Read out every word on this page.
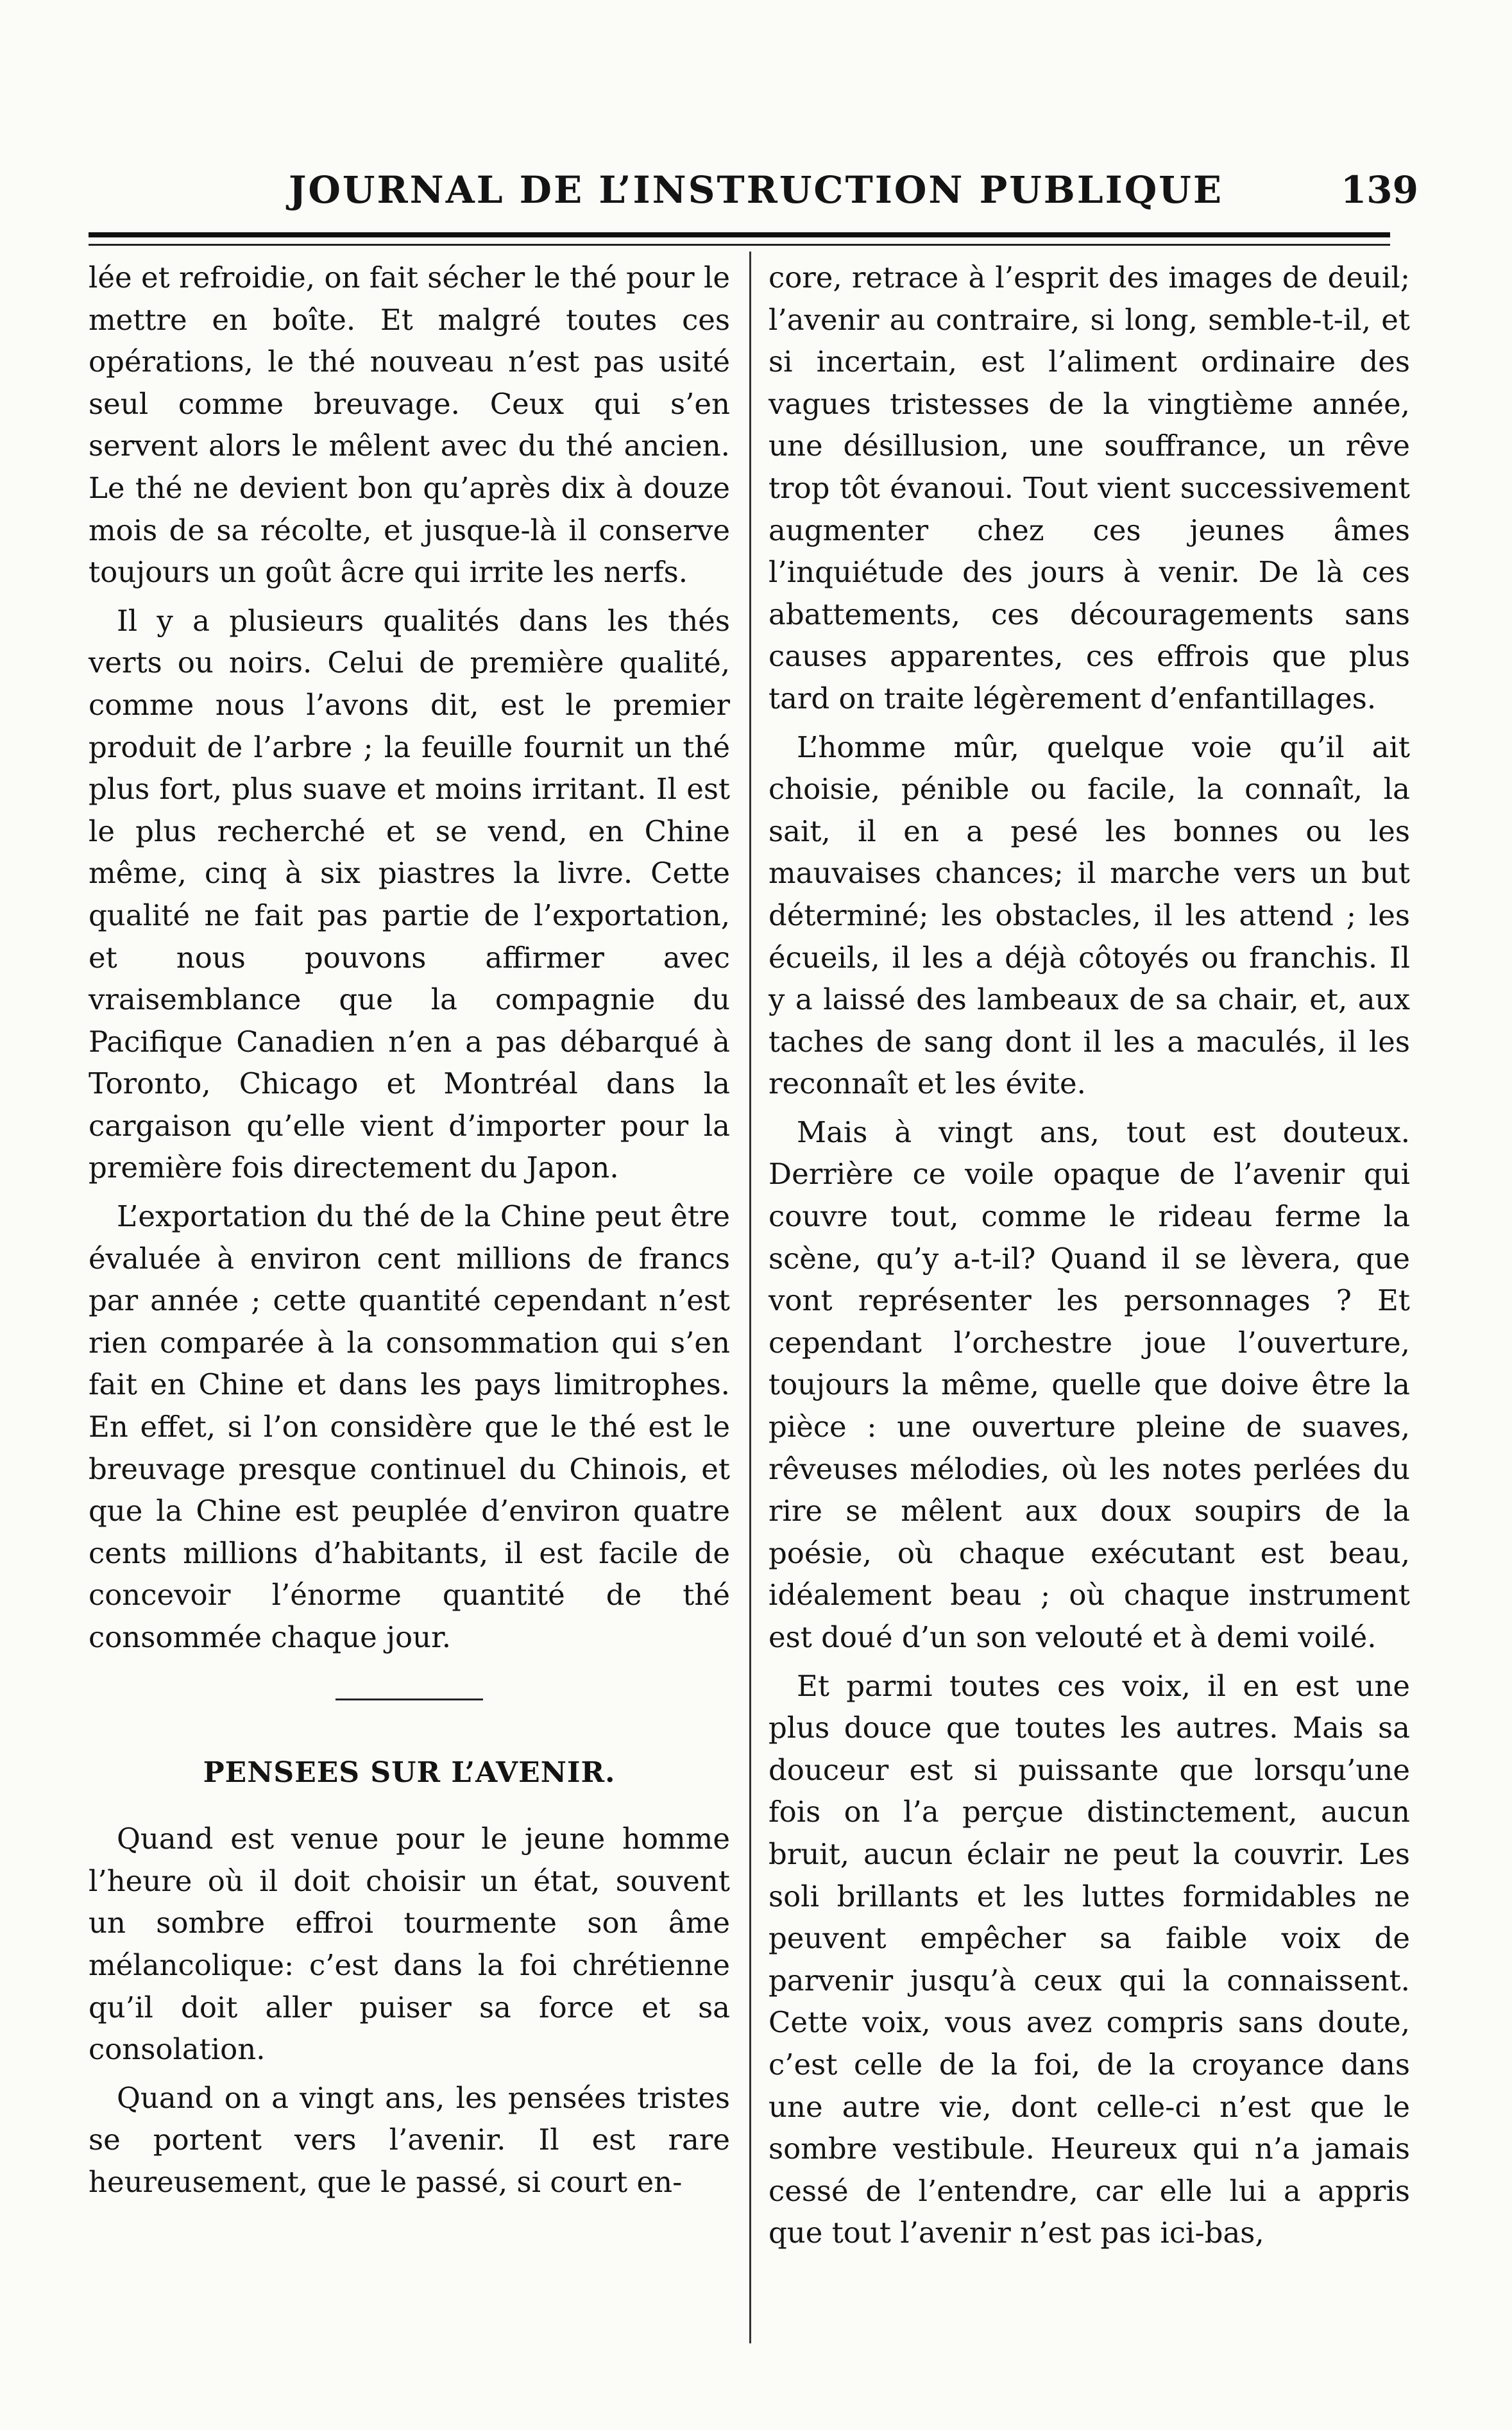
JOURNAL DE L’INSTRUCTION PUBLIQUE	139

lée et refroidie, on fait sécher le thé pour le mettre en boîte. Et malgré toutes ces opérations, le thé nouveau n’est pas usité seul comme breuvage. Ceux qui s’en servent alors le mêlent avec du thé ancien. Le thé ne devient bon qu’après dix à douze mois de sa récolte, et jusque-là il conserve toujours un goût âcre qui irrite les nerfs.

Il y a plusieurs qualités dans les thés verts ou noirs. Celui de première qualité, comme nous l’avons dit, est le premier produit de l’arbre ; la feuille fournit un thé plus fort, plus suave et moins irritant. Il est le plus recherché et se vend, en Chine même, cinq à six piastres la livre. Cette qualité ne fait pas partie de l’exportation, et nous pouvons affirmer avec vraisemblance que la compagnie du Pacifique Canadien n’en a pas débarqué à Toronto, Chicago et Montréal dans la cargaison qu’elle vient d’importer pour la première fois directement du Japon.

L’exportation du thé de la Chine peut être évaluée à environ cent millions de francs par année ; cette quantité cependant n’est rien comparée à la consommation qui s’en fait en Chine et dans les pays limitrophes. En effet, si l’on considère que le thé est le breuvage presque continuel du Chinois, et que la Chine est peuplée d’environ quatre cents millions d’habitants, il est facile de concevoir l’énorme quantité de thé consommée chaque jour.

PENSEES SUR L’AVENIR.

Quand est venue pour le jeune homme l’heure où il doit choisir un état, souvent un sombre effroi tourmente son âme mélancolique: c’est dans la foi chrétienne qu’il doit aller puiser sa force et sa consolation.

Quand on a vingt ans, les pensées tristes se portent vers l’avenir. Il est rare heureusement, que le passé, si court en-

core, retrace à l’esprit des images de deuil; l’avenir au contraire, si long, semble-t-il, et si incertain, est l’aliment ordinaire des vagues tristesses de la vingtième année, une désillusion, une souffrance, un rêve trop tôt évanoui. Tout vient successivement augmenter chez ces jeunes âmes l’inquiétude des jours à venir. De là ces abattements, ces découragements sans causes apparentes, ces effrois que plus tard on traite légèrement d’enfantillages.

L’homme mûr, quelque voie qu’il ait choisie, pénible ou facile, la connaît, la sait, il en a pesé les bonnes ou les mauvaises chances; il marche vers un but déterminé; les obstacles, il les attend ; les écueils, il les a déjà côtoyés ou franchis. Il y a laissé des lambeaux de sa chair, et, aux taches de sang dont il les a maculés, il les reconnaît et les évite.

Mais à vingt ans, tout est douteux. Derrière ce voile opaque de l’avenir qui couvre tout, comme le rideau ferme la scène, qu’y a-t-il? Quand il se lèvera, que vont représenter les personnages ? Et cependant l’orchestre joue l’ouverture, toujours la même, quelle que doive être la pièce : une ouverture pleine de suaves, rêveuses mélodies, où les notes perlées du rire se mêlent aux doux soupirs de la poésie, où chaque exécutant est beau, idéalement beau ; où chaque instrument est doué d’un son velouté et à demi voilé.

Et parmi toutes ces voix, il en est une plus douce que toutes les autres. Mais sa douceur est si puissante que lorsqu’une fois on l’a perçue distinctement, aucun bruit, aucun éclair ne peut la couvrir. Les soli brillants et les luttes formidables ne peuvent empêcher sa faible voix de parvenir jusqu’à ceux qui la connaissent. Cette voix, vous avez compris sans doute, c’est celle de la foi, de la croyance dans une autre vie, dont celle-ci n’est que le sombre vestibule. Heureux qui n’a jamais cessé de l’entendre, car elle lui a appris que tout l’avenir n’est pas ici-bas,
